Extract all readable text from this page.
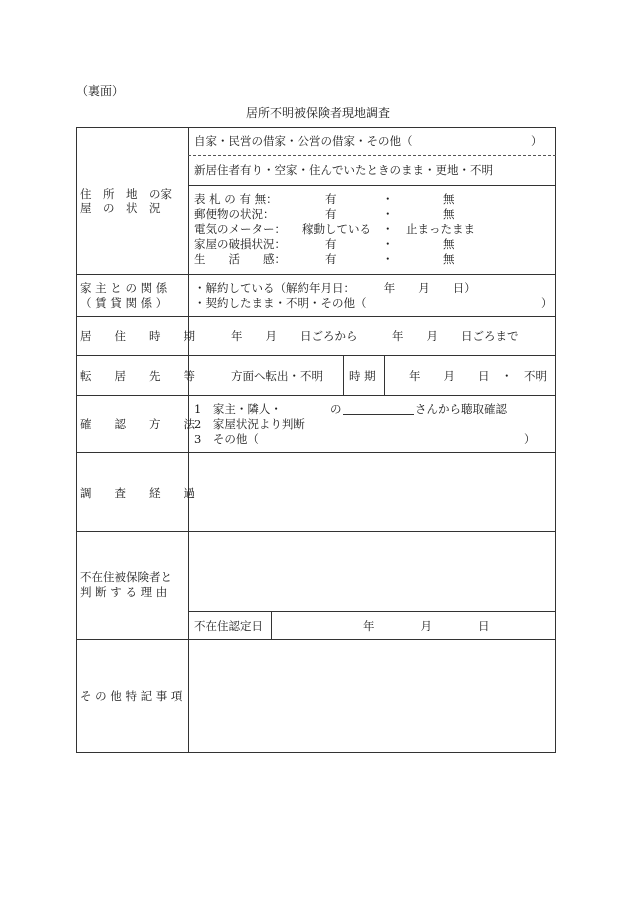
（裏面）
居所不明被保険者現地調査
住　所　地　の家
屋　の　状　況
自家・民営の借家・公営の借家・その他（	）
新居住者有り・空家・住んでいたときのまま・更地・不明
表 札 の 有 無：	有	・	無
郵便物の状況：	有	・	無
電気のメーター： 稼動している ・ 止まったまま
家屋の破損状況：	有	・	無
生　　活　　感：	有	・	無
家 主 と の 関 係
（ 賃 貸 関 係 ）
・解約している（解約年月日：　　　年　　月　　日）
・契約したまま・不明・その他（	）
居　　住　　時　　期	年　　月　　日ごろから　　　年　　月　　日ごろまで
転　　居　　先　　等	方面へ転出・不明 時 期	年　　月　　日　・　不明
確　　認　　方　　法
1　家主・隣人・	の	さんから聴取確認
2　家屋状況より判断
3　その他（	）
調　　査　　経　　過
不在住被保険者と
判 断 す る 理 由
不在住認定日	年　　　　月　　　　日
そ の 他 特 記 事 項
